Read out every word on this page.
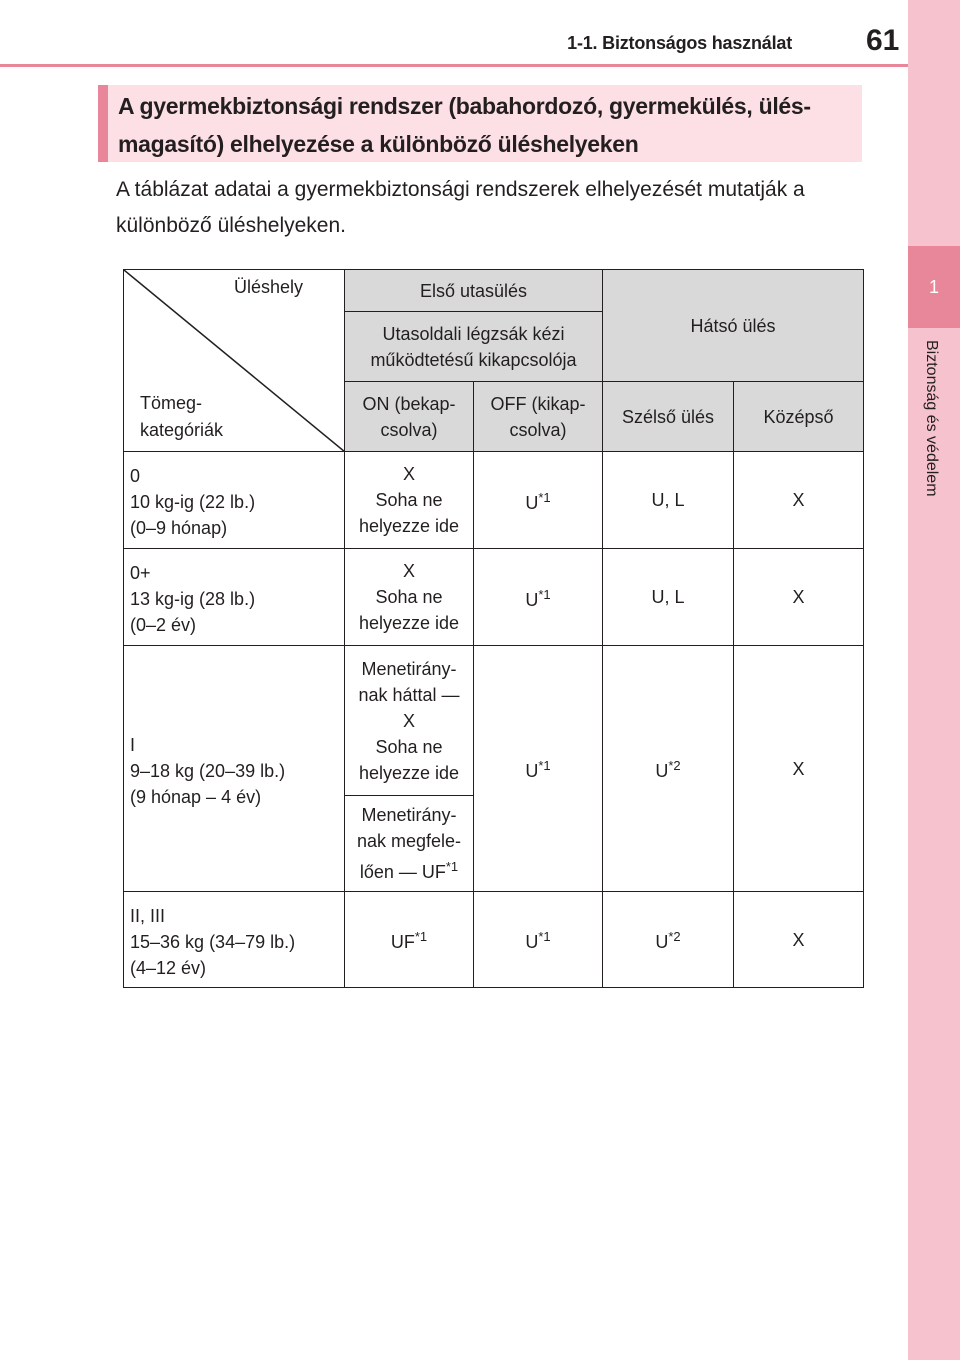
1-1. Biztonságos használat 61
1
Biztonság és védelem
A gyermekbiztonsági rendszer (babahordozó, gyermekülés, ülés-magasító) elhelyezése a különböző üléshelyeken
A táblázat adatai a gyermekbiztonsági rendszerek elhelyezését mutatják a különböző üléshelyeken.
Üléshely
Tömeg-
kategóriák	Első utasülés		Hátsó ülés	

	Utasoldali légzsák kézi
működtetésű kikapcsolója			

	ON (bekap-
csolva)	OFF (kikap-
csolva)	Szélső ülés	Középső

0
10 kg-ig (22 lb.)
(0–9 hónap)	X
Soha ne
helyezze ide	$U^{*1}$	U, L	X

0+
13 kg-ig (28 lb.)
(0–2 év)	X
Soha ne
helyezze ide	$U^{*1}$	U, L	X

I
9–18 kg (20–39 lb.)
(9 hónap – 4 év)	Menetirány-
nak háttal —
X
Soha ne
helyezze ide	$U^{*1}$	$U^{*2}$	X

	Menetirány-
nak megfele-
lően — UF$^{*1}$

II, III
15–36 kg (34–79 lb.)
(4–12 év)	UF$^{*1}$	$U^{*1}$	$U^{*2}$	X
